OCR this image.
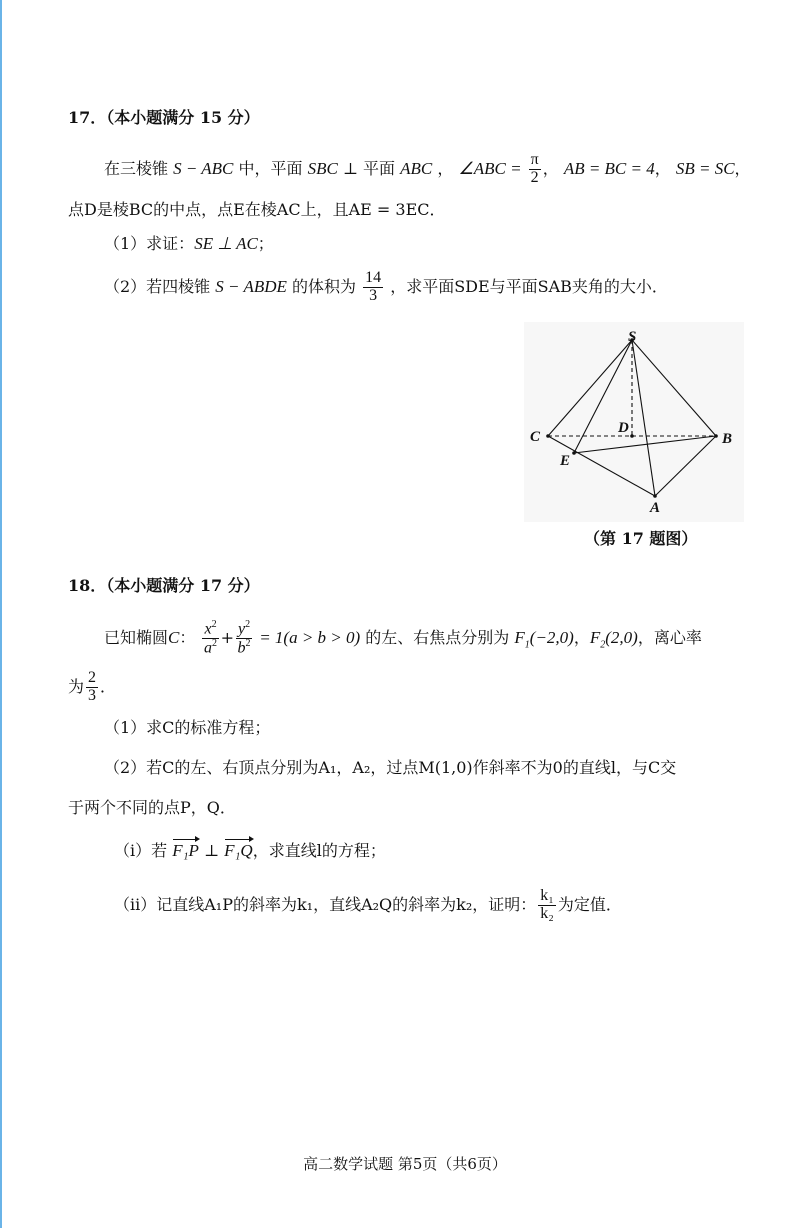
17．（本小题满分 15 分）
在三棱锥 S − ABC 中，平面 SBC ⊥ 平面 ABC ， ∠ABC = $\frac{\pi}{2}$ ， AB = BC = 4， SB = SC，
点D是棱BC的中点，点E在棱AC上，且AE = 3EC．
（1）求证：SE ⊥ AC；
（2）若四棱锥 S − ABDE 的体积为 $\frac{14}{3}$ ，求平面SDE与平面SAB夹角的大小．
S
C	B
A
D
E
（第 17 题图）
18．（本小题满分 17 分）
已知椭圆C： $\frac{x^2}{a^2} + \frac{y^2}{b^2} = 1(a > b > 0)$ 的左、右焦点分别为 $F_1(-2,0)$，$F_2(2,0)$，离心率
为 $\frac{2}{3}$ ．
（1）求C的标准方程；
（2）若C的左、右顶点分别为A₁，A₂，过点M(1,0)作斜率不为0的直线l，与C交
于两个不同的点P，Q．
（i）若 F₁P ⊥ F₁Q，求直线l的方程；
（ii）记直线A₁P的斜率为k₁，直线A₂Q的斜率为k₂，证明： $\frac{\text{k₁}}{\text{k₂}}$ 为定值．
高二数学试题 第5页（共6页）
